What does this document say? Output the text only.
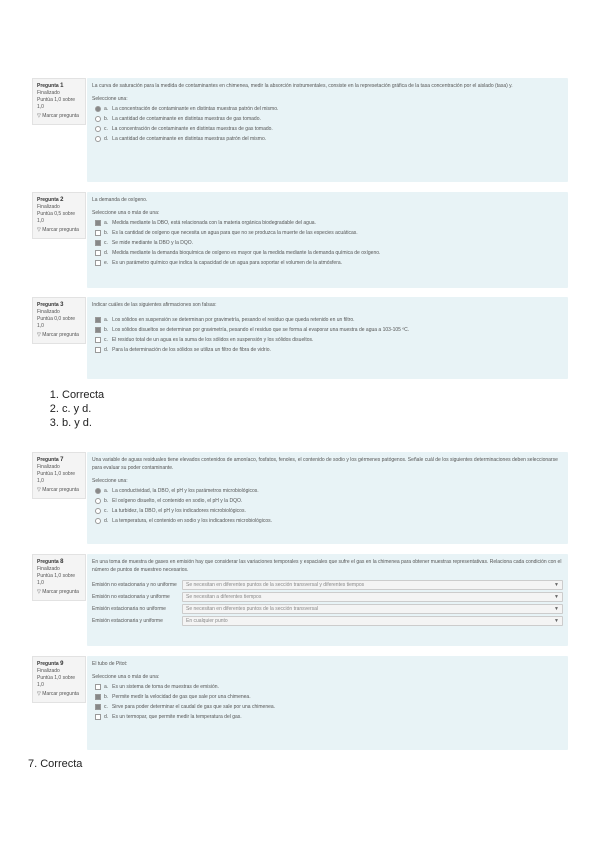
Pregunta 1
Finalizado
Puntúa 1,0 sobre 1,0
▽ Marcar pregunta
La curva de saturación para la medida de contaminantes en chimenea, medir la absorción instrumentales, consiste en la represetación gráfica de la tasa concentración por el aislado (tasa) y.
Seleccione una:
a. La concentración de contaminante en distintas muestras patrón del mismo.
b. La cantidad de contaminante en distintas muestras de gas tomado.
c. La concentración de contaminante en distintas muestras de gas tomado.
d. La cantidad de contaminante en distintas muestras patrón del mismo.
Pregunta 2
Finalizado
Puntúa 0,5 sobre 1,0
▽ Marcar pregunta
La demanda de oxígeno.
Seleccione una o más de una:
a. Medida mediante la DBO, está relacionada con la materia orgánica biodegradable del agua.
b. Es la cantidad de oxígeno que necesita un agua para que no se produzca la muerte de las especies acuáticas.
c. Se mide mediante la DBO y la DQO.
d. Medida mediante la demanda bioquímica de oxígeno es mayor que la medida mediante la demanda química de oxígeno.
e. Es un parámetro químico que indica la capacidad de un agua para soportar el volumen de la atmósfera.
Pregunta 3
Finalizado
Puntúa 0,0 sobre 1,0
▽ Marcar pregunta
Indicar cuáles de las siguientes afirmaciones son falsas:
a. Los sólidos en suspensión se determinan por gravimetría, pesando el residuo que queda retenido en un filtro.
b. Los sólidos disueltos se determinan por gravimetría, pesando el residuo que se forma al evaporar una muestra de agua a 103-105 ºC.
c. El residuo total de un agua es la suma de los sólidos en suspensión y los sólidos disueltos.
d. Para la determinación de los sólidos se utiliza un filtro de fibra de vidrio.
1. Correcta
2. c. y d.
3. b. y d.
Pregunta 7
Finalizado
Puntúa 1,0 sobre 1,0
▽ Marcar pregunta
Una variable de aguas residuales tiene elevados contenidos de amoníaco, fosfatos, fenoles, el contenido de sodio y los gérmenes patógenos. Señale cuál de los siguientes determinaciones deben seleccionarse para evaluar su poder contaminante.
Seleccione una:
a. La conductividad, la DBO, el pH y los parámetros microbiológicos.
b. El oxígeno disuelto, el contenido en sodio, el pH y la DQO.
c. La turbidez, la DBO, el pH y los indicadores microbiológicos.
d. La temperatura, el contenido en sodio y los indicadores microbiológicos.
Pregunta 8
Finalizado
Puntúa 1,0 sobre 1,0
▽ Marcar pregunta
En una toma de muestra de gases en emisión hay que considerar las variaciones temporales y espaciales que sufre el gas en la chimenea para obtener muestras representativas. Relaciona cada condición con el número de puntos de muestreo necesarios.
Emisión no estacionaria y no uniforme	Se necesitan en diferentes puntos de la sección transversal y diferentes tiempos	▼
Emisión no estacionaria y uniforme	Se necesitan a diferentes tiempos	▼
Emisión estacionaria no uniforme	Se necesitan en diferentes puntos de la sección transversal	▼
Emisión estacionaria y uniforme	En cualquier punto	▼
Pregunta 9
Finalizado
Puntúa 1,0 sobre 1,0
▽ Marcar pregunta
El tubo de Pitot:
Seleccione una o más de una:
a. Es un sistema de toma de muestras de emisión.
b. Permite medir la velocidad de gas que sale por una chimenea.
c. Sirve para poder determinar el caudal de gas que sale por una chimenea.
d. Es un termopar, que permite medir la temperatura del gas.
7. Correcta
